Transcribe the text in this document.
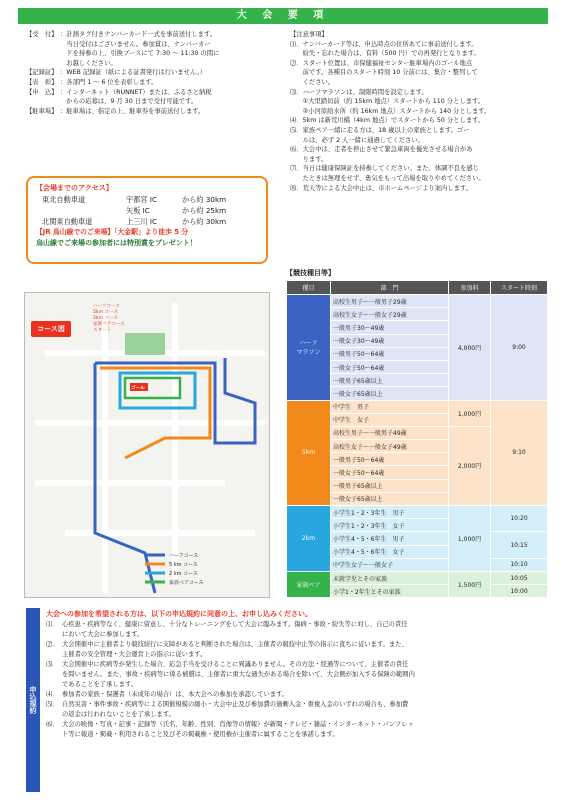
大 会 要 項
【受　付】 ：計測タグ付きナンバーカード一式を事前送付します。
　当日受付はございません。参加賞は、ナンバーカー
　ドを持参の上、引換ブースにて 7:30 ～ 11:30 の間に
　お越しください。
【記録証】 ：WEB 記録証（紙による証書発行は行いません。）
【表　彰】 ：各部門 1 ～ 6 位を表彰します。
【申　込】 ：インターネット（RUNNET）または、ふるさと納税
　からの応募は、9 月 30 日まで受付可能です。
【駐車場】 ：駐車場は、指定の上、駐車券を事前送付します。
【注意事項】
⑴．ナンバーカード等は、申込時点の住所あてに事前送付します。
　　紛失・忘れた場合は、有料（500 円）での再発行となります。
⑵．スタート位置は、市保健福祉センター駐車場内のゴール地点
　　前です。各種目のスタート時刻 10 分前には、集合・整列して
　　ください。
⑶．ハーフマラソンは、制限時間を設定します。
　　①大里踏切前（約 15km 地点）スタートから 110 分とします。
　　②小河原給水所（約 16km 地点）スタートから 140 分とします。
⑷．5km は新荒川橋（4km 地点）でスタートから 50 分とします。
⑸．家族ペア一緒に走る方は、18 歳以上の家族とします。ゴー
　　ルは、必ず 2 人一緒に通過してください。
⑹．大会中は、走者を停止させて緊急車両を優先させる場合があ
　　ります。
⑺．当日は健康保険証を持参してください。また、体調不良を感じ
　　たときは無理をせず、勇気をもって出場を取りやめてください。
⑻．荒天等による大会中止は、市ホームページより案内します。
【会場までのアクセス】
東北自動車道	宇都宮 IC	から約 30km
矢板 IC	から約 25km
北関東自動車道	上三川 IC	から約 30km
【JR 烏山線でのご来場】「大金駅」より徒歩 5 分
烏山線でご来場の参加者には特別賞をプレゼント！
コース図
ハーフコース
5km コース
2km コース
家族ペアコース
スタート
ゴール
ハーフコース
5 km コース
2 km コース
家族ペアコース
【競技種目等】
種目	部　門	参加料	スタート時刻
ハーフ
マラソン	高校生男子～一般男子29歳	4,000円	9:00
	高校生女子～一般女子29歳		
	一般男子30～49歳		
	一般女子30～49歳		
	一般男子50～64歳		
	一般女子50～64歳		
	一般男子65歳以上		
	一般女子65歳以上		
5km	中学生　男子	1,000円	9:10
	中学生　女子		
	高校生男子～一般男子49歳	2,000円	
	高校生女子～一般女子49歳		
	一般男子50～64歳		
	一般女子50～64歳		
	一般男子65歳以上		
	一般女子65歳以上		
2km	小学生1・2・3年生　男子	1,000円	10:20
	小学生1・2・3年生　女子		
	小学生4・5・6年生　男子		10:15
	小学生4・5・6年生　女子		
	中学生女子～一般女子		10:10
家族ペア	未就学児とその家族	1,500円	10:05
	小学1・2年生とその家族		10:00
申込規約
大会への参加を希望される方は、以下の申込規約に同意の上、お申し込みください。
⑴． 心疾患・疾病等なく、健康に留意し、十分なトレーニングをして大会に臨みます。傷病・事故・紛失等に対し、自己の責任
において大会に参加します。
⑵． 大会開催中に主催者より競技続行に支障があると判断された場合は、主催者の競技中止等の指示に直ちに従います。また、
主催者の安全管理・大会運営上の指示に従います。
⑶． 大会開催中に疾病等が発生した場合、応急手当を受けることに異議ありません。その方法・経過等について、主催者の責任
を問いません。また、事故・疾病等に係る補償は、主催者に重大な過失がある場合を除いて、大会側が加入する保険の範囲内
であることを了承します。
⑷． 参加者の家族・保護者（未成年の場合）は、本大会への参加を承認しています。
⑸． 自然災害・事件事故・疾病等による開催規模の縮小・大会中止及び参加費の過剰入金・重複入金のいずれの場合も、参加費
の返金は行われないことを了承します。
⑹． 大会の映像・写真・記事・記録等（氏名、年齢、性別、肖像等の情報）が新聞・テレビ・雑誌・インターネット・パンフレッ
ト等に報道・掲載・利用されること及びその掲載権・使用権が主催者に属することを承諾します。
